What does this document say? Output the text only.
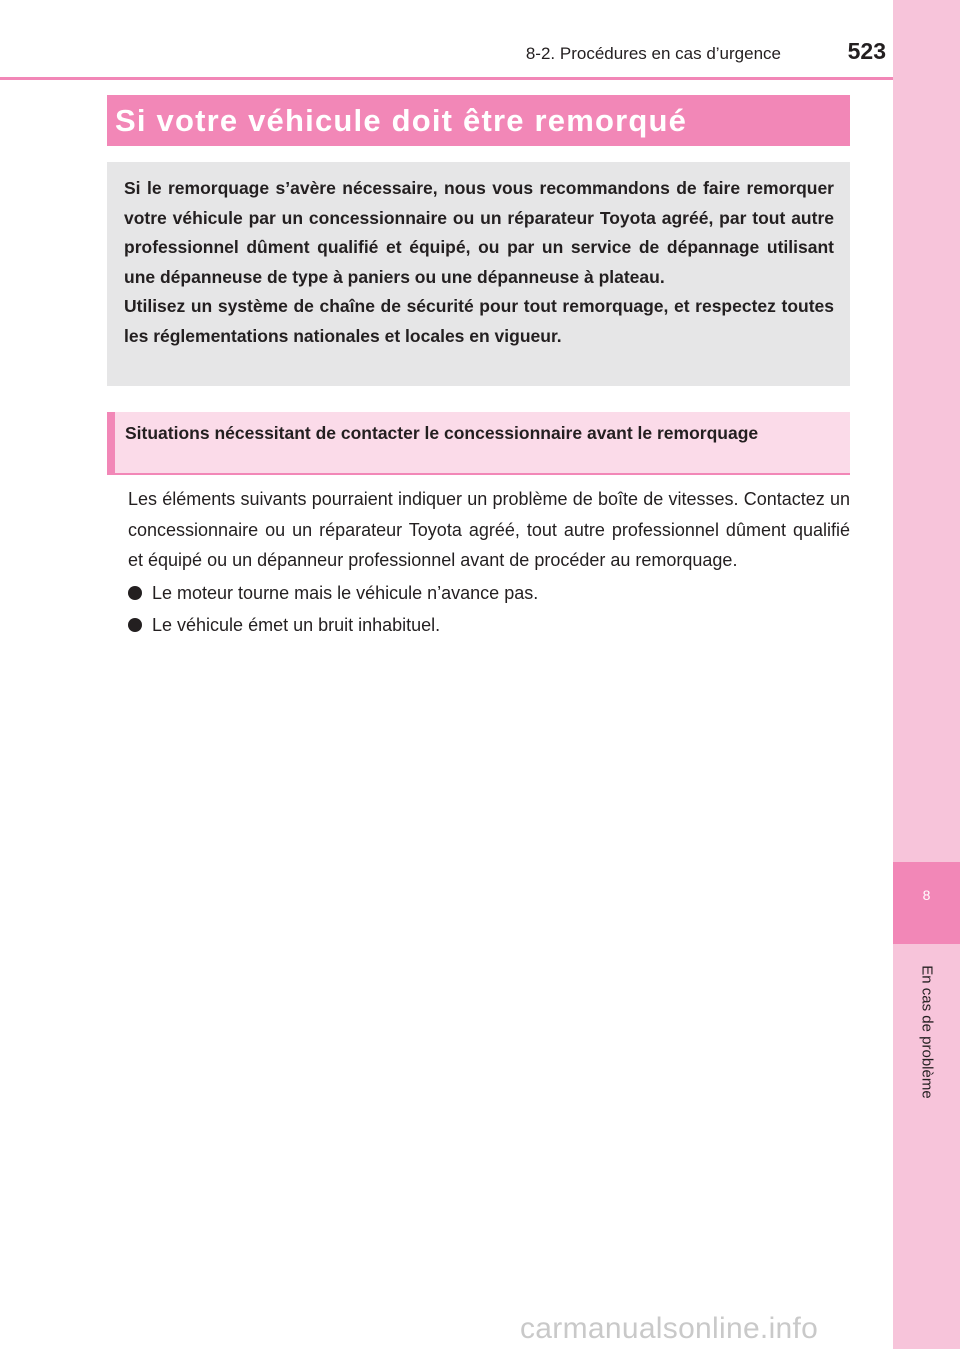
8-2. Procédures en cas d’urgence	523
8
En cas de problème
Si votre véhicule doit être remorqué

Si le remorquage s’avère nécessaire, nous vous recommandons de faire remorquer votre véhicule par un concessionnaire ou un réparateur Toyota agréé, par tout autre professionnel dûment qualifié et équipé, ou par un service de dépannage utilisant une dépanneuse de type à paniers ou une dépanneuse à plateau.

Utilisez un système de chaîne de sécurité pour tout remorquage, et respectez toutes les réglementations nationales et locales en vigueur.

Situations nécessitant de contacter le concessionnaire avant le remorquage

Les éléments suivants pourraient indiquer un problème de boîte de vitesses. Contactez un concessionnaire ou un réparateur Toyota agréé, tout autre professionnel dûment qualifié et équipé ou un dépanneur professionnel avant de procéder au remorquage.

Le moteur tourne mais le véhicule n’avance pas.
Le véhicule émet un bruit inhabituel.
carmanualsonline.info
